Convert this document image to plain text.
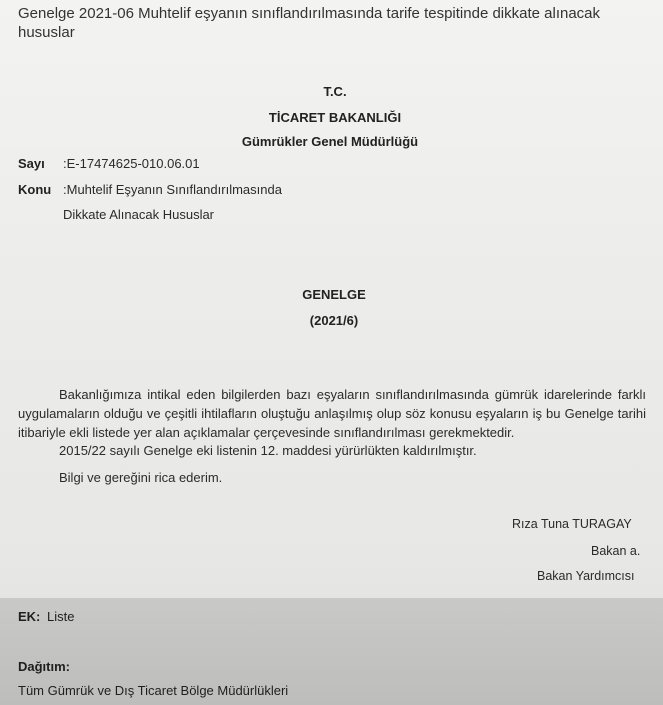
Genelge 2021-06 Muhtelif eşyanın sınıflandırılmasında tarife tespitinde dikkate alınacak hususlar
T.C.
TİCARET BAKANLIĞI
Gümrükler Genel Müdürlüğü
Sayı :E-17474625-010.06.01
Konu :Muhtelif Eşyanın Sınıflandırılmasında
Dikkate Alınacak Hususlar
GENELGE
(2021/6)
Bakanlığımıza intikal eden bilgilerden bazı eşyaların sınıflandırılmasında gümrük idarelerinde farklı uygulamaların olduğu ve çeşitli ihtilafların oluştuğu anlaşılmış olup söz konusu eşyaların iş bu Genelge tarihi itibariyle ekli listede yer alan açıklamalar çerçevesinde sınıflandırılması gerekmektedir.
2015/22 sayılı Genelge eki listenin 12. maddesi yürürlükten kaldırılmıştır.
Bilgi ve gereğini rica ederim.
Rıza Tuna TURAGAY
Bakan a.
Bakan Yardımcısı
EK: Liste
Dağıtım:
Tüm Gümrük ve Dış Ticaret Bölge Müdürlükleri
